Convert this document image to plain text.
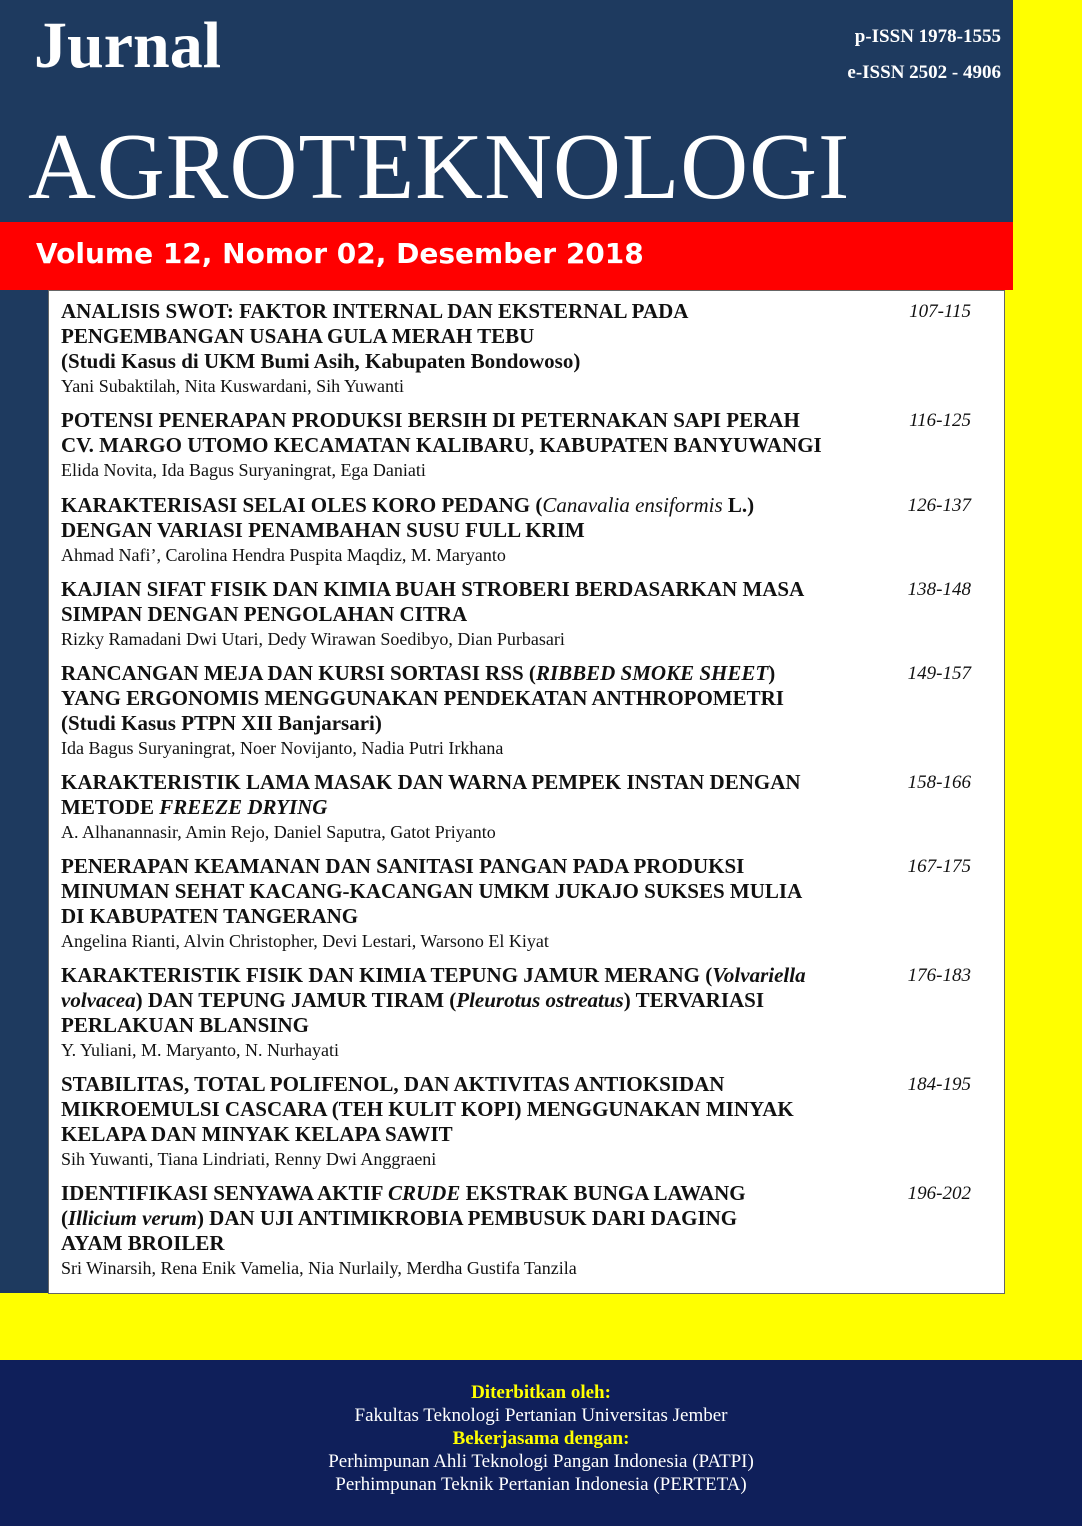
Jurnal	p-ISSN 1978-1555
e-ISSN 2502 - 4906
AGROTEKNOLOGI
Volume 12, Nomor 02, Desember 2018
ANALISIS SWOT: FAKTOR INTERNAL DAN EKSTERNAL PADA
PENGEMBANGAN USAHA GULA MERAH TEBU
(Studi Kasus di UKM Bumi Asih, Kabupaten Bondowoso)
Yani Subaktilah, Nita Kuswardani, Sih Yuwanti
107-115
POTENSI PENERAPAN PRODUKSI BERSIH DI PETERNAKAN SAPI PERAH
CV. MARGO UTOMO KECAMATAN KALIBARU, KABUPATEN BANYUWANGI
Elida Novita, Ida Bagus Suryaningrat, Ega Daniati
116-125
KARAKTERISASI SELAI OLES KORO PEDANG (Canavalia ensiformis L.)
DENGAN VARIASI PENAMBAHAN SUSU FULL KRIM
Ahmad Nafi’, Carolina Hendra Puspita Maqdiz, M. Maryanto
126-137
KAJIAN SIFAT FISIK DAN KIMIA BUAH STROBERI BERDASARKAN MASA
SIMPAN DENGAN PENGOLAHAN CITRA
Rizky Ramadani Dwi Utari, Dedy Wirawan Soedibyo, Dian Purbasari
138-148
RANCANGAN MEJA DAN KURSI SORTASI RSS (RIBBED SMOKE SHEET)
YANG ERGONOMIS MENGGUNAKAN PENDEKATAN ANTHROPOMETRI
(Studi Kasus PTPN XII Banjarsari)
Ida Bagus Suryaningrat, Noer Novijanto, Nadia Putri Irkhana
149-157
KARAKTERISTIK LAMA MASAK DAN WARNA PEMPEK INSTAN DENGAN
METODE FREEZE DRYING
A. Alhanannasir, Amin Rejo, Daniel Saputra, Gatot Priyanto
158-166
PENERAPAN KEAMANAN DAN SANITASI PANGAN PADA PRODUKSI
MINUMAN SEHAT KACANG-KACANGAN UMKM JUKAJO SUKSES MULIA
DI KABUPATEN TANGERANG
Angelina Rianti, Alvin Christopher, Devi Lestari, Warsono El Kiyat
167-175
KARAKTERISTIK FISIK DAN KIMIA TEPUNG JAMUR MERANG (Volvariella
volvacea) DAN TEPUNG JAMUR TIRAM (Pleurotus ostreatus) TERVARIASI
PERLAKUAN BLANSING
Y. Yuliani, M. Maryanto, N. Nurhayati
176-183
STABILITAS, TOTAL POLIFENOL, DAN AKTIVITAS ANTIOKSIDAN
MIKROEMULSI CASCARA (TEH KULIT KOPI) MENGGUNAKAN MINYAK
KELAPA DAN MINYAK KELAPA SAWIT
Sih Yuwanti, Tiana Lindriati, Renny Dwi Anggraeni
184-195
IDENTIFIKASI SENYAWA AKTIF CRUDE EKSTRAK BUNGA LAWANG
(Illicium verum) DAN UJI ANTIMIKROBIA PEMBUSUK DARI DAGING
AYAM BROILER
Sri Winarsih, Rena Enik Vamelia, Nia Nurlaily, Merdha Gustifa Tanzila
196-202
Diterbitkan oleh:
Fakultas Teknologi Pertanian Universitas Jember
Bekerjasama dengan:
Perhimpunan Ahli Teknologi Pangan Indonesia (PATPI)
Perhimpunan Teknik Pertanian Indonesia (PERTETA)
